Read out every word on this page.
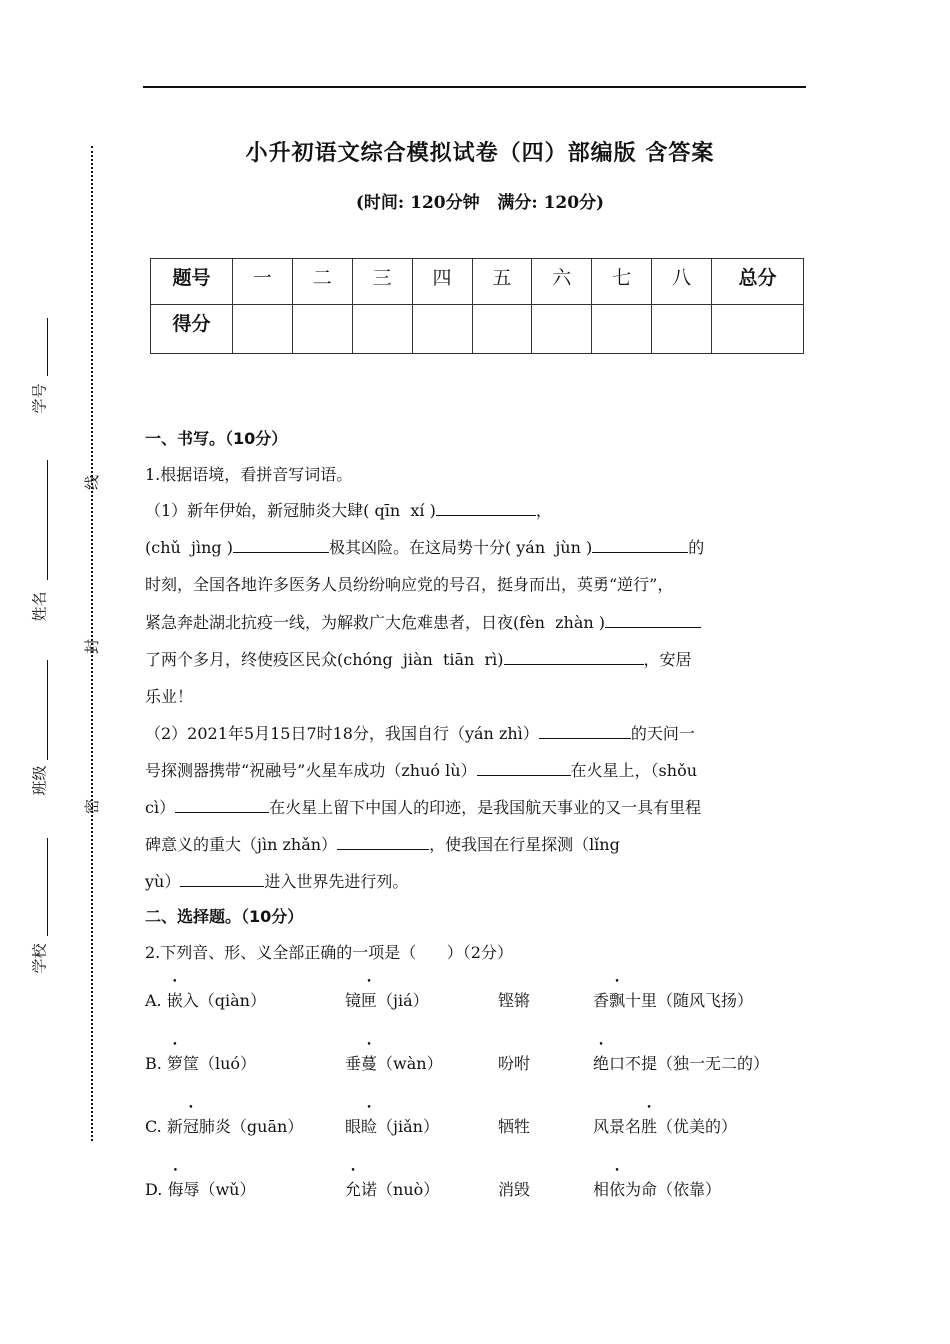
小升初语文综合模拟试卷（四）部编版 含答案
(时间: 120分钟   满分: 120分)
题号	一	二	三	四	五	六	七	八	总分
得分									
学号
姓名
班级
学校
线
封
密
一、书写。（10分）
1.根据语境，看拼音写词语。
（1）新年伊始，新冠肺炎大肆( qīn  xí )	，
(chǔ  jìng )	极其凶险。在这局势十分( yán  jùn )	的
时刻，全国各地许多医务人员纷纷响应党的号召，挺身而出，英勇“逆行”，
紧急奔赴湖北抗疫一线，为解救广大危难患者，日夜(fèn  zhàn )
了两个多月，终使疫区民众(chóng  jiàn  tiān  rì)	，安居
乐业！
（2）2021年5月15日7时18分，我国自行（yán zhì）	的天问一
号探测器携带“祝融号”火星车成功（zhuó lù）	在火星上，（shǒu
cì）	在火星上留下中国人的印迹，是我国航天事业的又一具有里程
碑意义的重大（jìn zhǎn）	，使我国在行星探测（lǐng
yù）	进入世界先进行列。
二、选择题。（10分）
2.下列音、形、义全部正确的一项是（      ）（2分）
A. 嵌入（qiàn）	镜匣（jiá）	铿锵	香飘十里（随风飞扬）
B. 箩筐（luó）	垂蔓（wàn）	吩咐	绝口不提（独一无二的）
C. 新冠肺炎（guān）	眼睑（jiǎn）	牺牲	风景名胜（优美的）
D. 侮辱（wǔ）	允诺（nuò）	消毁	相依为命（依靠）
